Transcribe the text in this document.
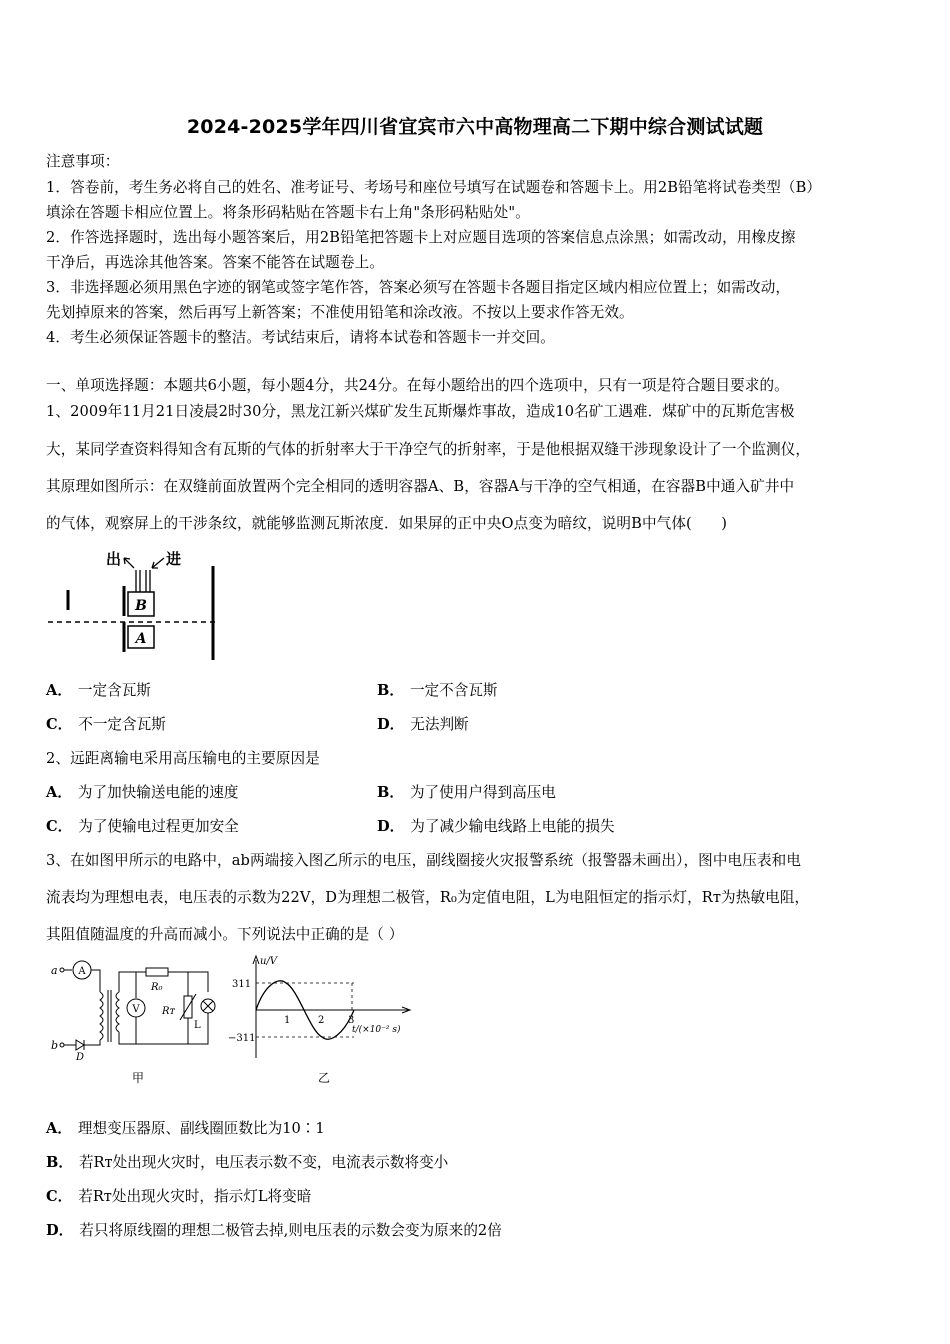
2024-2025学年四川省宜宾市六中高物理高二下期中综合测试试题
注意事项：
1．答卷前，考生务必将自己的姓名、准考证号、考场号和座位号填写在试题卷和答题卡上。用2B铅笔将试卷类型（B）
填涂在答题卡相应位置上。将条形码粘贴在答题卡右上角"条形码粘贴处"。
2．作答选择题时，选出每小题答案后，用2B铅笔把答题卡上对应题目选项的答案信息点涂黑；如需改动，用橡皮擦
干净后，再选涂其他答案。答案不能答在试题卷上。
3．非选择题必须用黑色字迹的钢笔或签字笔作答，答案必须写在答题卡各题目指定区域内相应位置上；如需改动，
先划掉原来的答案，然后再写上新答案；不准使用铅笔和涂改液。不按以上要求作答无效。
4．考生必须保证答题卡的整洁。考试结束后，请将本试卷和答题卡一并交回。
一、单项选择题：本题共6小题，每小题4分，共24分。在每小题给出的四个选项中，只有一项是符合题目要求的。
1、2009年11月21日凌晨2时30分，黑龙江新兴煤矿发生瓦斯爆炸事故，造成10名矿工遇难．煤矿中的瓦斯危害极
大，某同学查资料得知含有瓦斯的气体的折射率大于干净空气的折射率，于是他根据双缝干涉现象设计了一个监测仪，
其原理如图所示：在双缝前面放置两个完全相同的透明容器A、B，容器A与干净的空气相通，在容器B中通入矿井中
的气体，观察屏上的干涉条纹，就能够监测瓦斯浓度．如果屏的正中央O点变为暗纹，说明B中气体(　　)
B
A
出	进
A． 一定含瓦斯	B． 一定不含瓦斯
C． 不一定含瓦斯	D． 无法判断
2、远距离输电采用高压输电的主要原因是
A． 为了加快输送电能的速度	B． 为了使用户得到高压电
C． 为了使输电过程更加安全	D． 为了减少输电线路上电能的损失
3、在如图甲所示的电路中，ab两端接入图乙所示的电压，副线圈接火灾报警系统（报警器未画出），图中电压表和电
流表均为理想电表，电压表的示数为22V，D为理想二极管，R₀为定值电阻，L为电阻恒定的指示灯，Rᴛ为热敏电阻，
其阻值随温度的升高而减小。下列说法中正确的是（ ）
a A
R₀
V Rᴛ
L
b
D
甲
u/V
311
−311
1	2 3
t/(×10⁻² s)
乙
A． 理想变压器原、副线圈匝数比为10∶1
B． 若Rᴛ处出现火灾时，电压表示数不变，电流表示数将变小
C． 若Rᴛ处出现火灾时，指示灯L将变暗
D． 若只将原线圈的理想二极管去掉,则电压表的示数会变为原来的2倍
